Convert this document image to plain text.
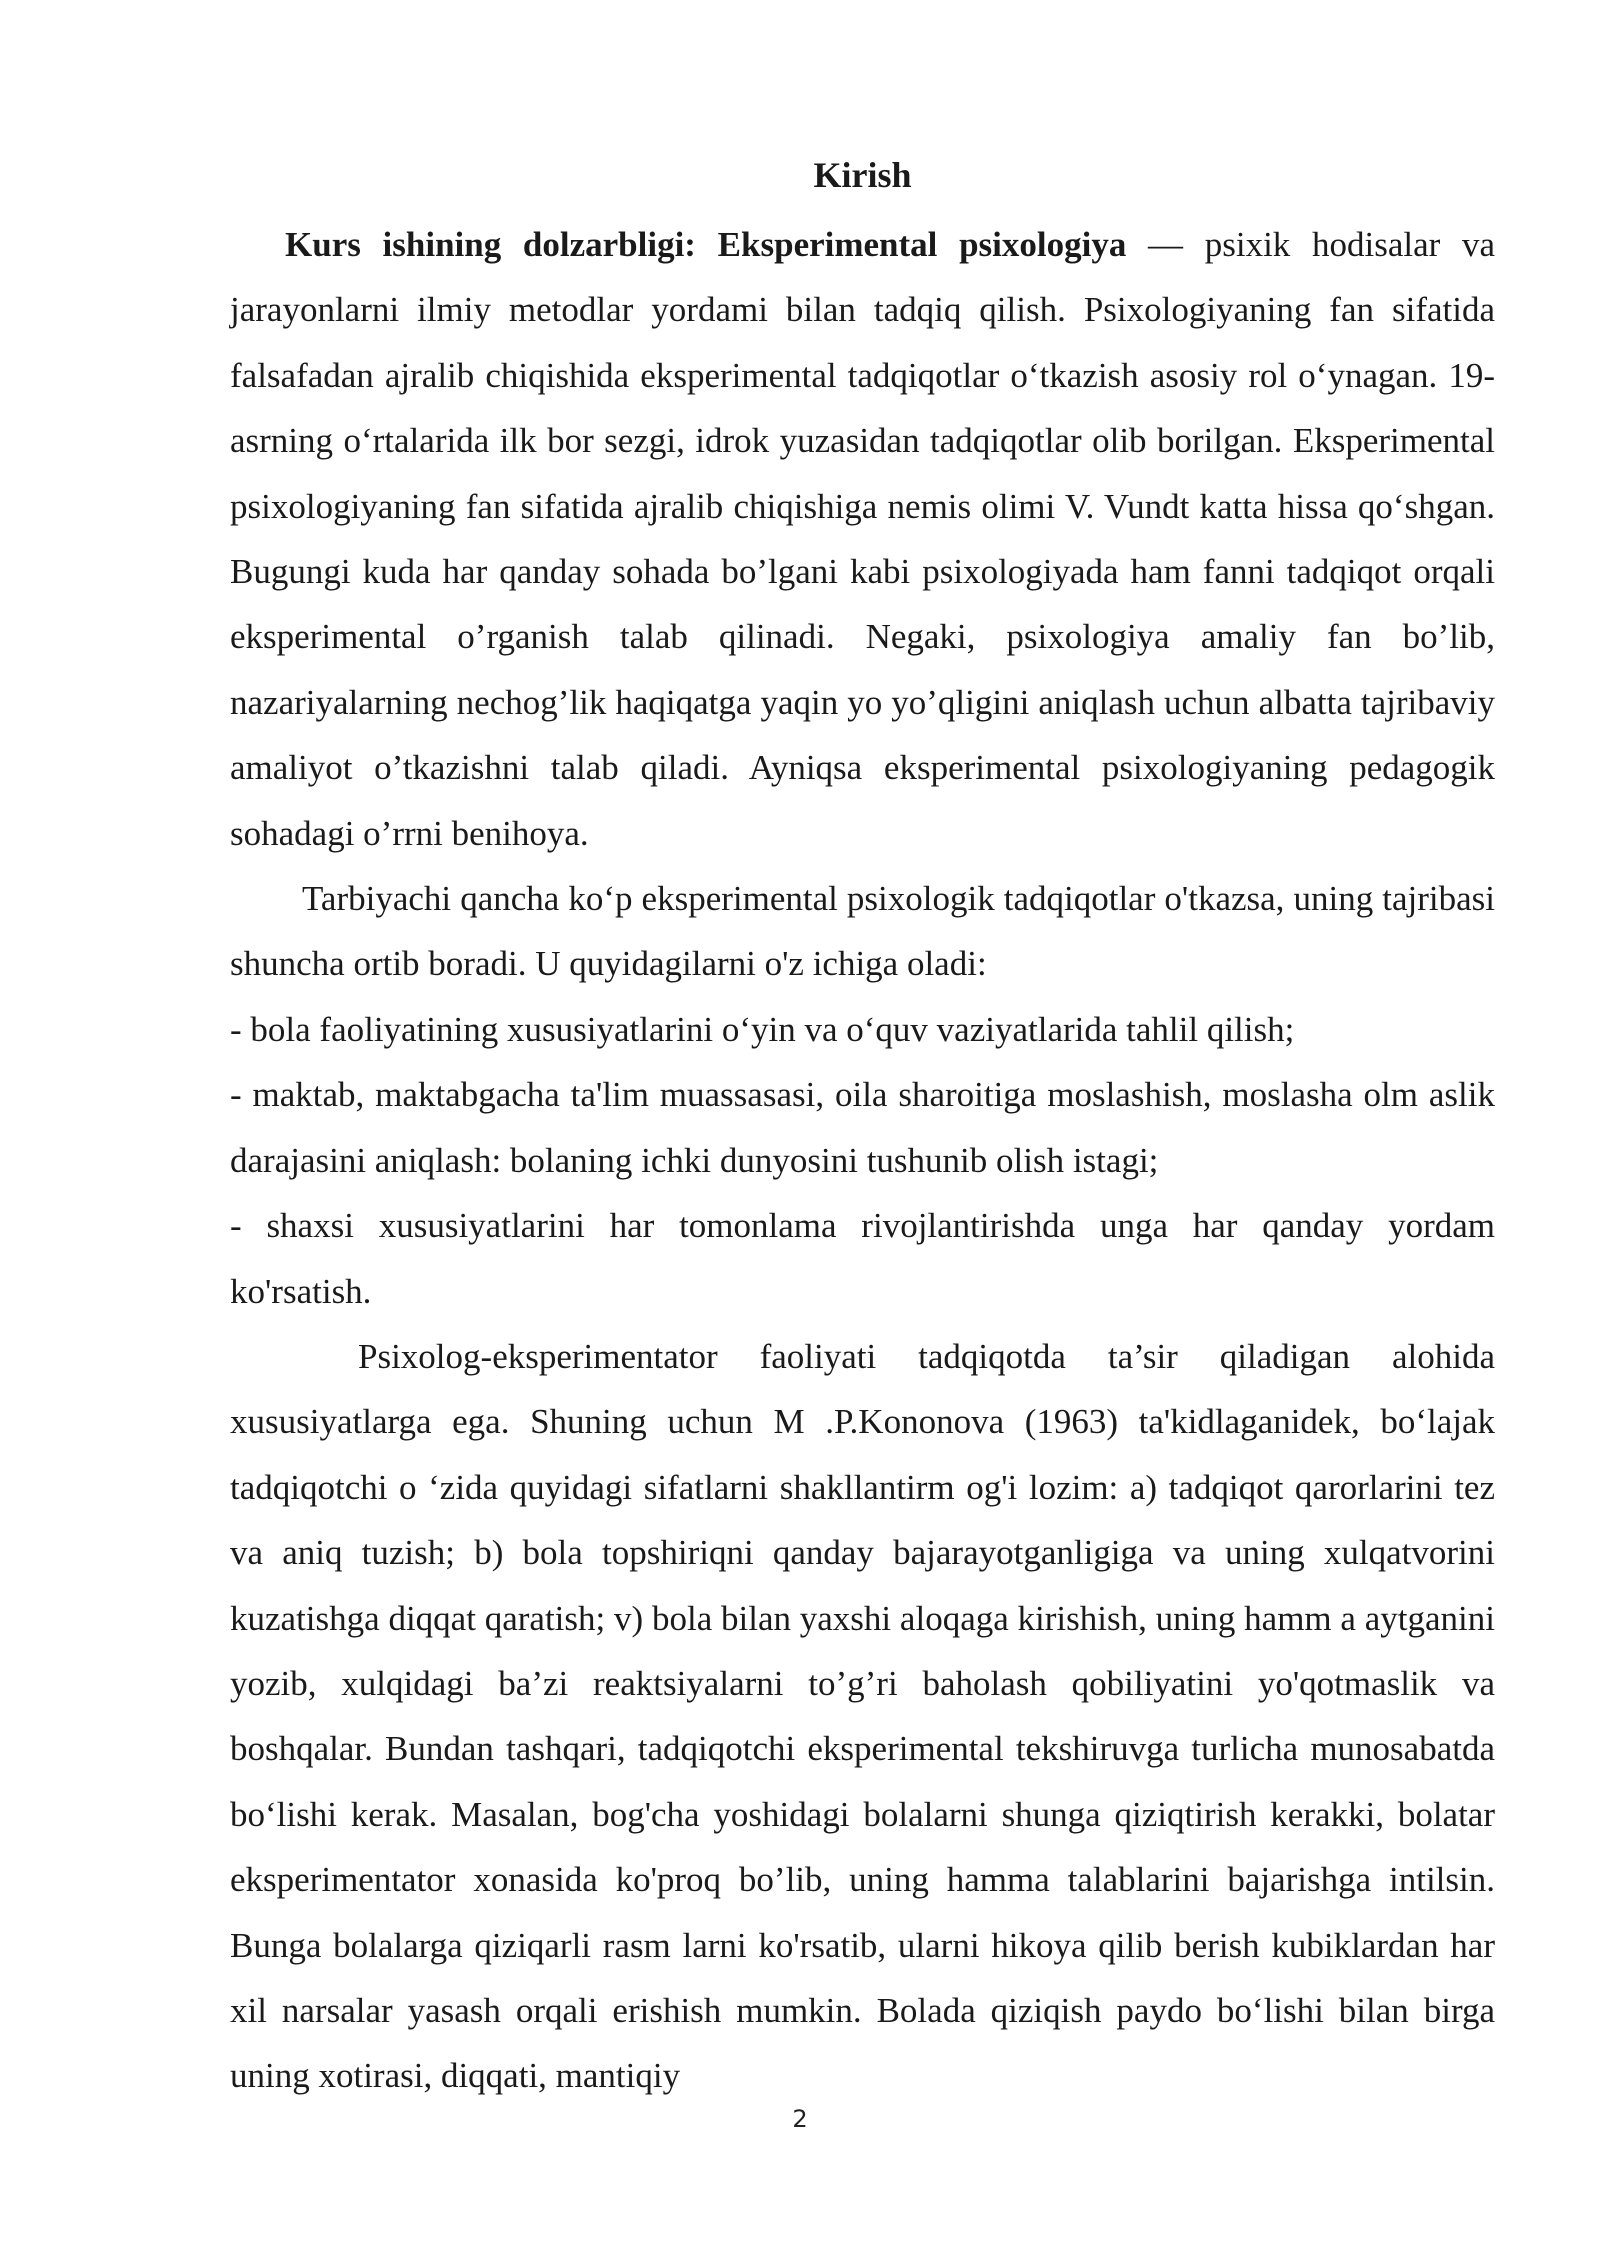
Kirish

Kurs ishining dolzarbligi: Eksperimental psixologiya — psixik hodisalar va jarayonlarni ilmiy metodlar yordami bilan tadqiq qilish. Psixologiyaning fan sifatida falsafadan ajralib chiqishida eksperimental tadqiqotlar oʻtkazish asosiy rol oʻynagan. 19-asrning oʻrtalarida ilk bor sezgi, idrok yuzasidan tadqiqotlar olib borilgan. Eksperimental psixologiyaning fan sifatida ajralib chiqishiga nemis olimi V. Vundt katta hissa qoʻshgan. Bugungi kuda har qanday sohada bo’lgani kabi psixologiyada ham fanni tadqiqot orqali eksperimental o’rganish talab qilinadi. Negaki, psixologiya amaliy fan bo’lib, nazariyalarning nechog’lik haqiqatga yaqin yo yo’qligini aniqlash uchun albatta tajribaviy amaliyot o’tkazishni talab qiladi. Ayniqsa eksperimental psixologiyaning pedagogik sohadagi o’rrni benihoya.

Tarbiyachi qancha koʻp eksperimental psixologik tadqiqotlar o'tkazsa, uning tajribasi shuncha ortib boradi. U quyidagilarni o'z ichiga oladi:

- bola faoliyatining xususiyatlarini oʻyin va oʻquv vaziyatlarida tahlil qilish;

- maktab, maktabgacha ta'lim muassasasi, oila sharoitiga moslashish, moslasha olm aslik darajasini aniqlash: bolaning ichki dunyosini tushunib olish istagi;

- shaxsi xususiyatlarini har tomonlama rivojlantirishda unga har qanday yordam ko'rsatish.

Psixolog-eksperimentator faoliyati tadqiqotda ta’sir qiladigan alohida xususiyatlarga ega. Shuning uchun M .P.Kononova (1963) ta'kidlaganidek, boʻlajak tadqiqotchi o ‘zida quyidagi sifatlarni shakllantirm og'i lozim: a) tadqiqot qarorlarini tez va aniq tuzish; b) bola topshiriqni qanday bajarayotganligiga va uning xulqatvorini kuzatishga diqqat qaratish; v) bola bilan yaxshi aloqaga kirishish, uning hamm a aytganini yozib, xulqidagi ba’zi reaktsiyalarni to’g’ri baholash qobiliyatini yo'qotmaslik va boshqalar. Bundan tashqari, tadqiqotchi eksperimental tekshiruvga turlicha munosabatda boʻlishi kerak. Masalan, bog'cha yoshidagi bolalarni shunga qiziqtirish kerakki, bolatar eksperimentator xonasida ko'proq bo’lib, uning hamma talablarini bajarishga intilsin. Bunga bolalarga qiziqarli rasm larni ko'rsatib, ularni hikoya qilib berish kubiklardan har xil narsalar yasash orqali erishish mumkin. Bolada qiziqish paydo boʻlishi bilan birga uning xotirasi, diqqati, mantiqiy

2
